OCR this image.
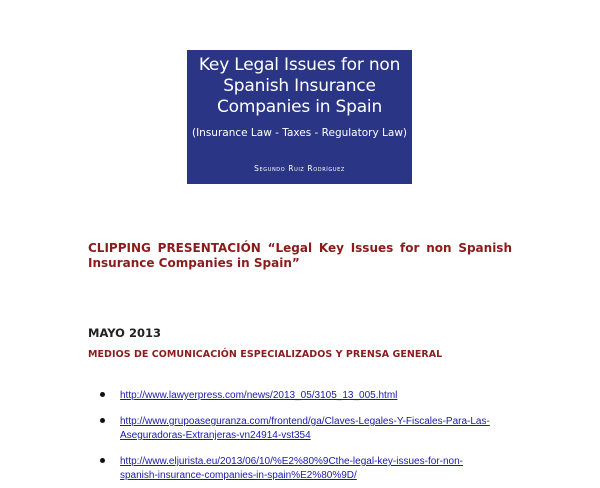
Key Legal Issues for non
Spanish Insurance
Companies in Spain
(Insurance Law - Taxes - Regulatory Law)
Segundo Ruiz Rodríguez
CLIPPING PRESENTACIÓN “Legal Key Issues for non Spanish Insurance Companies in Spain”
MAYO 2013
MEDIOS DE COMUNICACIÓN ESPECIALIZADOS Y PRENSA GENERAL
http://www.lawyerpress.com/news/2013_05/3105_13_005.html
http://www.grupoaseguranza.com/frontend/ga/Claves-Legales-Y-Fiscales-Para-Las-
Aseguradoras-Extranjeras-vn24914-vst354
http://www.eljurista.eu/2013/06/10/%E2%80%9Cthe-legal-key-issues-for-non-
spanish-insurance-companies-in-spain%E2%80%9D/
